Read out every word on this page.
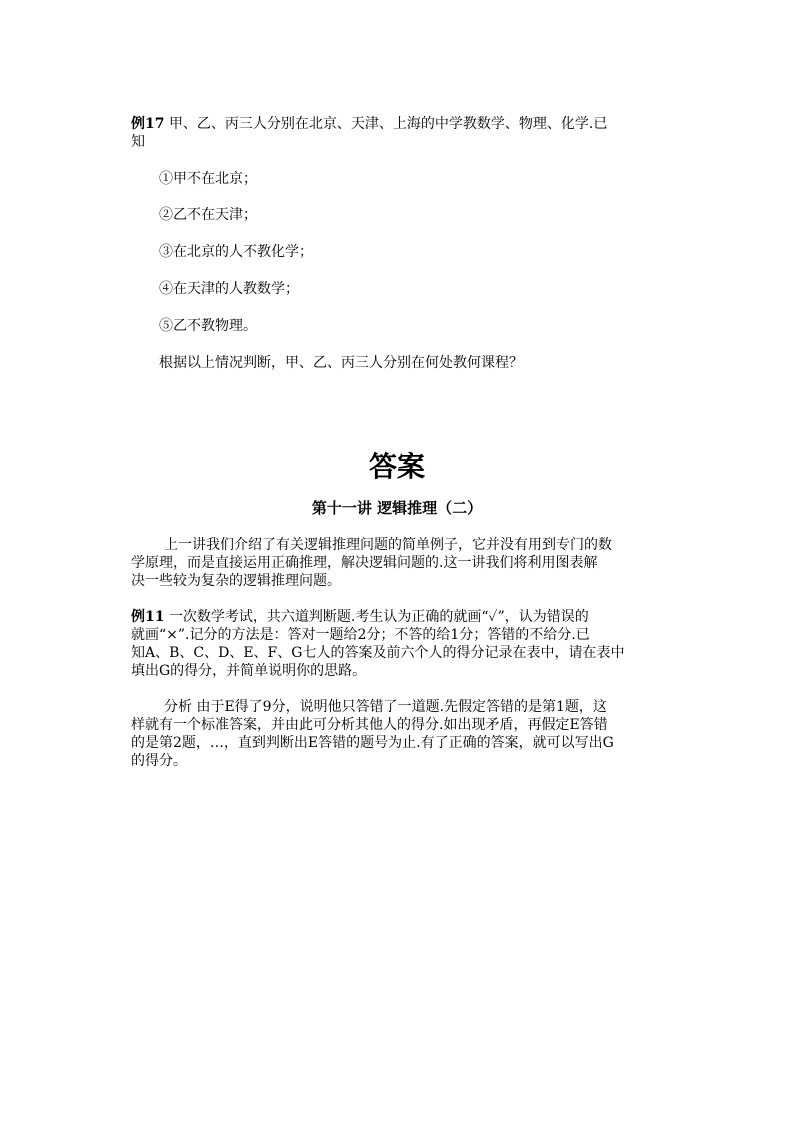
例17 甲、乙、丙三人分别在北京、天津、上海的中学教数学、物理、化学.已
知
①甲不在北京；
②乙不在天津；
③在北京的人不教化学；
④在天津的人教数学；
⑤乙不教物理。
根据以上情况判断，甲、乙、丙三人分别在何处教何课程？
答案
第十一讲 逻辑推理（二）
上一讲我们介绍了有关逻辑推理问题的简单例子，它并没有用到专门的数
学原理，而是直接运用正确推理，解决逻辑问题的.这一讲我们将利用图表解
决一些较为复杂的逻辑推理问题。
例11 一次数学考试，共六道判断题.考生认为正确的就画“✓”，认为错误的
就画“×”.记分的方法是：答对一题给2分；不答的给1分；答错的不给分.已
知A、B、C、D、E、F、G七人的答案及前六个人的得分记录在表中，请在表中
填出G的得分，并简单说明你的思路。
分析 由于E得了9分，说明他只答错了一道题.先假定答错的是第1题，这
样就有一个标准答案，并由此可分析其他人的得分.如出现矛盾，再假定E答错
的是第2题，…，直到判断出E答错的题号为止.有了正确的答案，就可以写出G
的得分。
